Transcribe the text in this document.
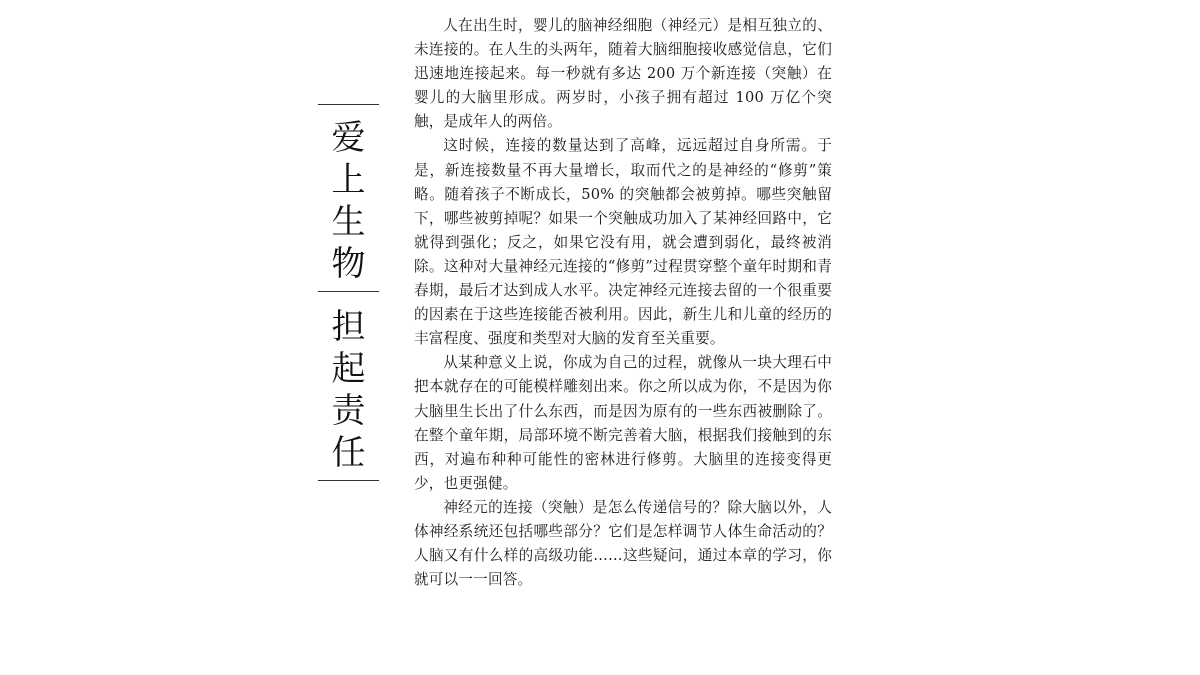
爱
上
生
物
担
起
责
任

人在出生时，婴儿的脑神经细胞（神经元）是相互独立的、未连接的。在人生的头两年，随着大脑细胞接收感觉信息，它们迅速地连接起来。每一秒就有多达 200 万个新连接（突触）在婴儿的大脑里形成。两岁时，小孩子拥有超过 100 万亿个突触，是成年人的两倍。

这时候，连接的数量达到了高峰，远远超过自身所需。于是，新连接数量不再大量增长，取而代之的是神经的“修剪”策略。随着孩子不断成长，50% 的突触都会被剪掉。哪些突触留下，哪些被剪掉呢？如果一个突触成功加入了某神经回路中，它就得到强化；反之，如果它没有用，就会遭到弱化，最终被消除。这种对大量神经元连接的“修剪”过程贯穿整个童年时期和青春期，最后才达到成人水平。决定神经元连接去留的一个很重要的因素在于这些连接能否被利用。因此，新生儿和儿童的经历的丰富程度、强度和类型对大脑的发育至关重要。

从某种意义上说，你成为自己的过程，就像从一块大理石中把本就存在的可能模样雕刻出来。你之所以成为你，不是因为你大脑里生长出了什么东西，而是因为原有的一些东西被删除了。在整个童年期，局部环境不断完善着大脑，根据我们接触到的东西，对遍布种种可能性的密林进行修剪。大脑里的连接变得更少，也更强健。

神经元的连接（突触）是怎么传递信号的？除大脑以外，人体神经系统还包括哪些部分？它们是怎样调节人体生命活动的？人脑又有什么样的高级功能……这些疑问，通过本章的学习，你就可以一一回答。
